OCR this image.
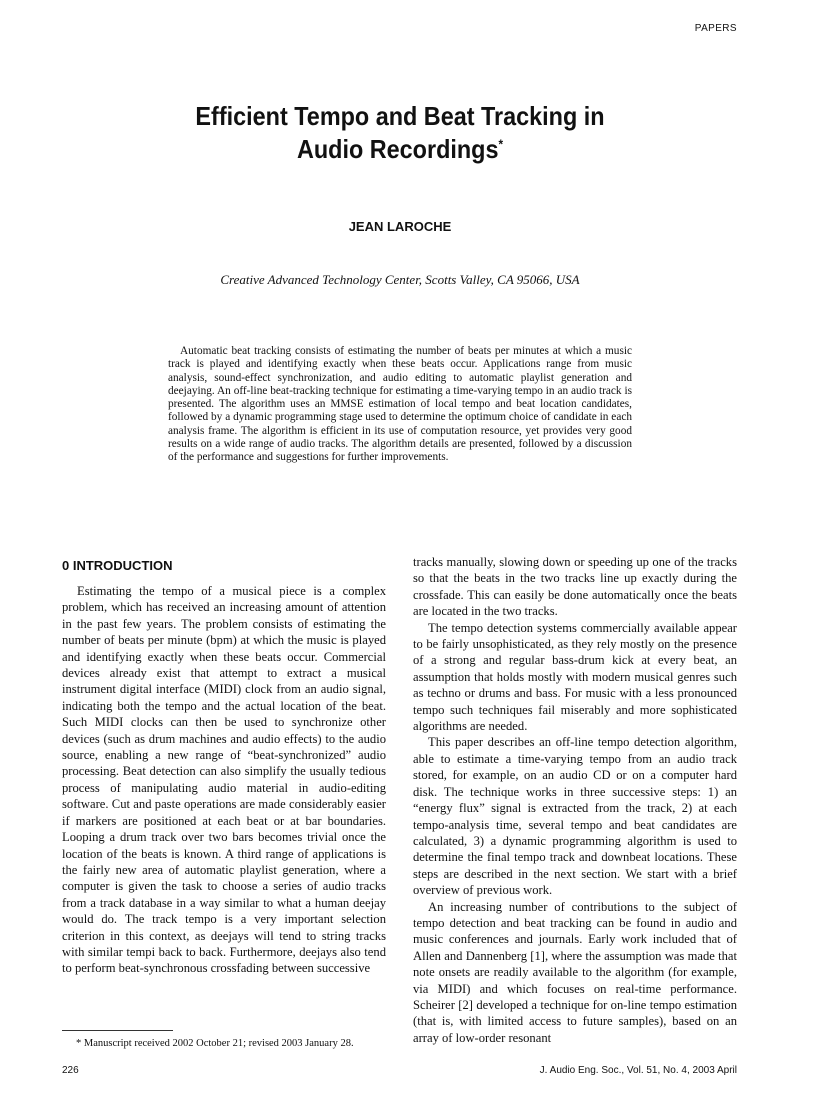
PAPERS
Efficient Tempo and Beat Tracking in
Audio Recordings*
JEAN LAROCHE
Creative Advanced Technology Center, Scotts Valley, CA 95066, USA

Automatic beat tracking consists of estimating the number of beats per minutes at which a music track is played and identifying exactly when these beats occur. Applications range from music analysis, sound-effect synchronization, and audio editing to automatic playlist generation and deejaying. An off-line beat-tracking technique for estimating a time-varying tempo in an audio track is presented. The algorithm uses an MMSE estimation of local tempo and beat location candidates, followed by a dynamic programming stage used to determine the optimum choice of candidate in each analysis frame. The algorithm is efficient in its use of computation resource, yet provides very good results on a wide range of audio tracks. The algorithm details are presented, followed by a discussion of the performance and suggestions for further improvements.

0 INTRODUCTION

Estimating the tempo of a musical piece is a complex problem, which has received an increasing amount of attention in the past few years. The problem consists of estimating the number of beats per minute (bpm) at which the music is played and identifying exactly when these beats occur. Commercial devices already exist that attempt to extract a musical instrument digital interface (MIDI) clock from an audio signal, indicating both the tempo and the actual location of the beat. Such MIDI clocks can then be used to synchronize other devices (such as drum machines and audio effects) to the audio source, enabling a new range of “beat-synchronized” audio processing. Beat detection can also simplify the usually tedious process of manipulating audio material in audio-editing software. Cut and paste operations are made considerably easier if markers are positioned at each beat or at bar boundaries. Looping a drum track over two bars becomes trivial once the location of the beats is known. A third range of applications is the fairly new area of automatic playlist generation, where a computer is given the task to choose a series of audio tracks from a track database in a way similar to what a human deejay would do. The track tempo is a very important selection criterion in this context, as deejays will tend to string tracks with similar tempi back to back. Furthermore, deejays also tend to perform beat-synchronous crossfading between successive

tracks manually, slowing down or speeding up one of the tracks so that the beats in the two tracks line up exactly during the crossfade. This can easily be done automatically once the beats are located in the two tracks.

The tempo detection systems commercially available appear to be fairly unsophisticated, as they rely mostly on the presence of a strong and regular bass-drum kick at every beat, an assumption that holds mostly with modern musical genres such as techno or drums and bass. For music with a less pronounced tempo such techniques fail miserably and more sophisticated algorithms are needed.

This paper describes an off-line tempo detection algorithm, able to estimate a time-varying tempo from an audio track stored, for example, on an audio CD or on a computer hard disk. The technique works in three successive steps: 1) an “energy flux” signal is extracted from the track, 2) at each tempo-analysis time, several tempo and beat candidates are calculated, 3) a dynamic programming algorithm is used to determine the final tempo track and downbeat locations. These steps are described in the next section. We start with a brief overview of previous work.

An increasing number of contributions to the subject of tempo detection and beat tracking can be found in audio and music conferences and journals. Early work included that of Allen and Dannenberg [1], where the assumption was made that note onsets are readily available to the algorithm (for example, via MIDI) and which focuses on real-time performance. Scheirer [2] developed a technique for on-line tempo estimation (that is, with limited access to future samples), based on an array of low-order resonant

* Manuscript received 2002 October 21; revised 2003 January 28.
226	J. Audio Eng. Soc., Vol. 51, No. 4, 2003 April
